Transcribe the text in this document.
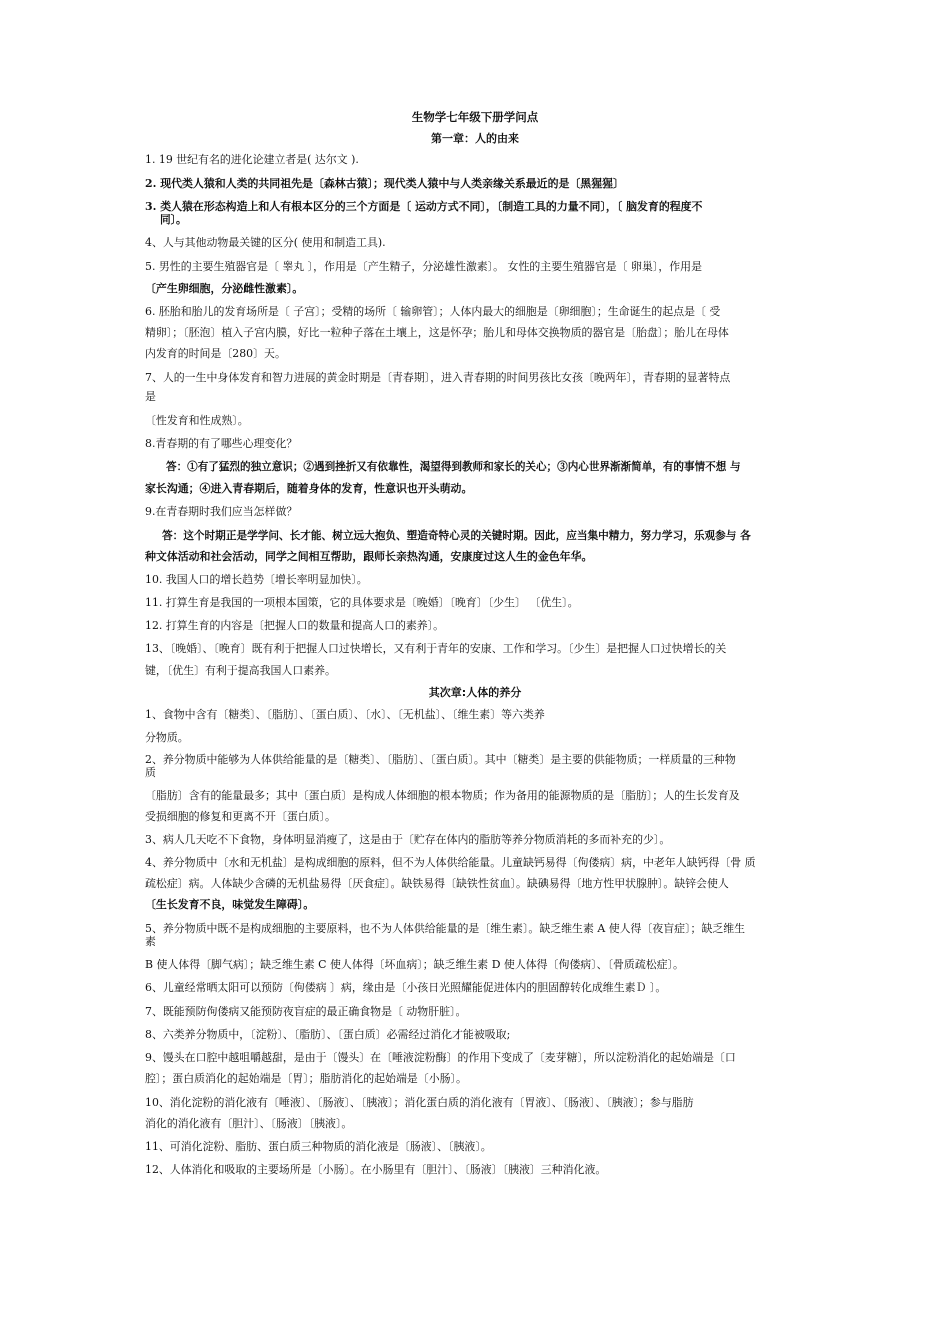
生物学七年级下册学问点
第一章：人的由来
1. 19 世纪有名的进化论建立者是( 达尔文 ).
2. 现代类人猿和人类的共同祖先是〔森林古猿〕；现代类人猿中与人类亲缘关系最近的是〔黑猩猩〕
3. 类人猿在形态构造上和人有根本区分的三个方面是〔 运动方式不同〕，〔制造工具的力量不同〕，〔 脑发育的程度不
同〕。
4、人与其他动物最关键的区分( 使用和制造工具).
5. 男性的主要生殖器官是〔 睾丸 〕，作用是〔产生精子，分泌雄性激素〕。 女性的主要生殖器官是〔 卵巢〕，作用是
〔产生卵细胞，分泌雌性激素〕。
6. 胚胎和胎儿的发育场所是〔 子宫〕；受精的场所〔 输卵管〕；人体内最大的细胞是〔卵细胞〕；生命诞生的起点是〔 受
精卵〕；〔胚泡〕植入子宫内膜，好比一粒种子落在土壤上，这是怀孕；胎儿和母体交换物质的器官是〔胎盘〕；胎儿在母体
内发育的时间是〔280〕天。
7、人的一生中身体发育和智力进展的黄金时期是〔青春期〕，进入青春期的时间男孩比女孩〔晚两年〕，青春期的显著特点
是
〔性发育和性成熟〕。
8.青春期的有了哪些心理变化？
答：①有了猛烈的独立意识；②遇到挫折又有依靠性，渴望得到教师和家长的关心；③内心世界渐渐简单，有的事情不想 与
家长沟通；④进入青春期后，随着身体的发育，性意识也开头萌动。
9.在青春期时我们应当怎样做？
答：这个时期正是学学问、长才能、树立远大抱负、塑造奇特心灵的关键时期。因此，应当集中精力，努力学习，乐观参与 各
种文体活动和社会活动，同学之间相互帮助，跟师长亲热沟通，安康度过这人生的金色年华。
10. 我国人口的增长趋势〔增长率明显加快〕。
11. 打算生育是我国的一项根本国策，它的具体要求是〔晚婚〕〔晚育〕〔少生〕 〔优生〕。
12. 打算生育的内容是〔把握人口的数量和提高人口的素养〕。
13、〔晚婚〕、〔晚育〕既有利于把握人口过快增长，又有利于青年的安康、工作和学习。〔少生〕是把握人口过快增长的关
键，〔优生〕有利于提高我国人口素养。
其次章:人体的养分
1、食物中含有〔糖类〕、〔脂肪〕、〔蛋白质〕、〔水〕、〔无机盐〕、〔维生素〕等六类养
分物质。
2、养分物质中能够为人体供给能量的是〔糖类〕、〔脂肪〕、〔蛋白质〕。其中〔糖类〕是主要的供能物质；一样质量的三种物
质
〔脂肪〕含有的能量最多；其中〔蛋白质〕是构成人体细胞的根本物质；作为备用的能源物质的是〔脂肪〕；人的生长发育及
受损细胞的修复和更离不开〔蛋白质〕。
3、病人几天吃不下食物，身体明显消瘦了，这是由于〔贮存在体内的脂肪等养分物质消耗的多而补充的少〕。
4、养分物质中〔水和无机盐〕是构成细胞的原料，但不为人体供给能量。儿童缺钙易得〔佝偻病〕病，中老年人缺钙得〔骨 质
疏松症〕病。人体缺少含磷的无机盐易得〔厌食症〕。缺铁易得〔缺铁性贫血〕。缺碘易得〔地方性甲状腺肿〕。缺锌会使人
〔生长发育不良，味觉发生障碍〕。
5、养分物质中既不是构成细胞的主要原料，也不为人体供给能量的是〔维生素〕。缺乏维生素 A 使人得〔夜盲症〕；缺乏维生
素
B 使人体得〔脚气病〕；缺乏维生素 C 使人体得〔坏血病〕；缺乏维生素 D 使人体得〔佝偻病〕、〔骨质疏松症〕。
6、儿童经常晒太阳可以预防〔佝偻病 〕病，缘由是〔小孩日光照耀能促进体内的胆固醇转化成维生素Ｄ 〕。
7、既能预防佝偻病又能预防夜盲症的最正确食物是〔 动物肝脏〕。
8、六类养分物质中，〔淀粉〕、〔脂肪〕、〔蛋白质〕必需经过消化才能被吸取;
9、馒头在口腔中越咀嚼越甜，是由于〔馒头〕在〔唾液淀粉酶〕的作用下变成了〔麦芽糖〕，所以淀粉消化的起始端是〔口
腔〕；蛋白质消化的起始端是〔胃〕；脂肪消化的起始端是〔小肠〕。
10、消化淀粉的消化液有〔唾液〕、〔肠液〕、〔胰液〕；消化蛋白质的消化液有〔胃液〕、〔肠液〕、〔胰液〕；参与脂肪
消化的消化液有〔胆汁〕、〔肠液〕〔胰液〕。
11、可消化淀粉、脂肪、蛋白质三种物质的消化液是〔肠液〕、〔胰液〕。
12、人体消化和吸取的主要场所是〔小肠〕。在小肠里有〔胆汁〕、〔肠液〕〔胰液〕三种消化液。
